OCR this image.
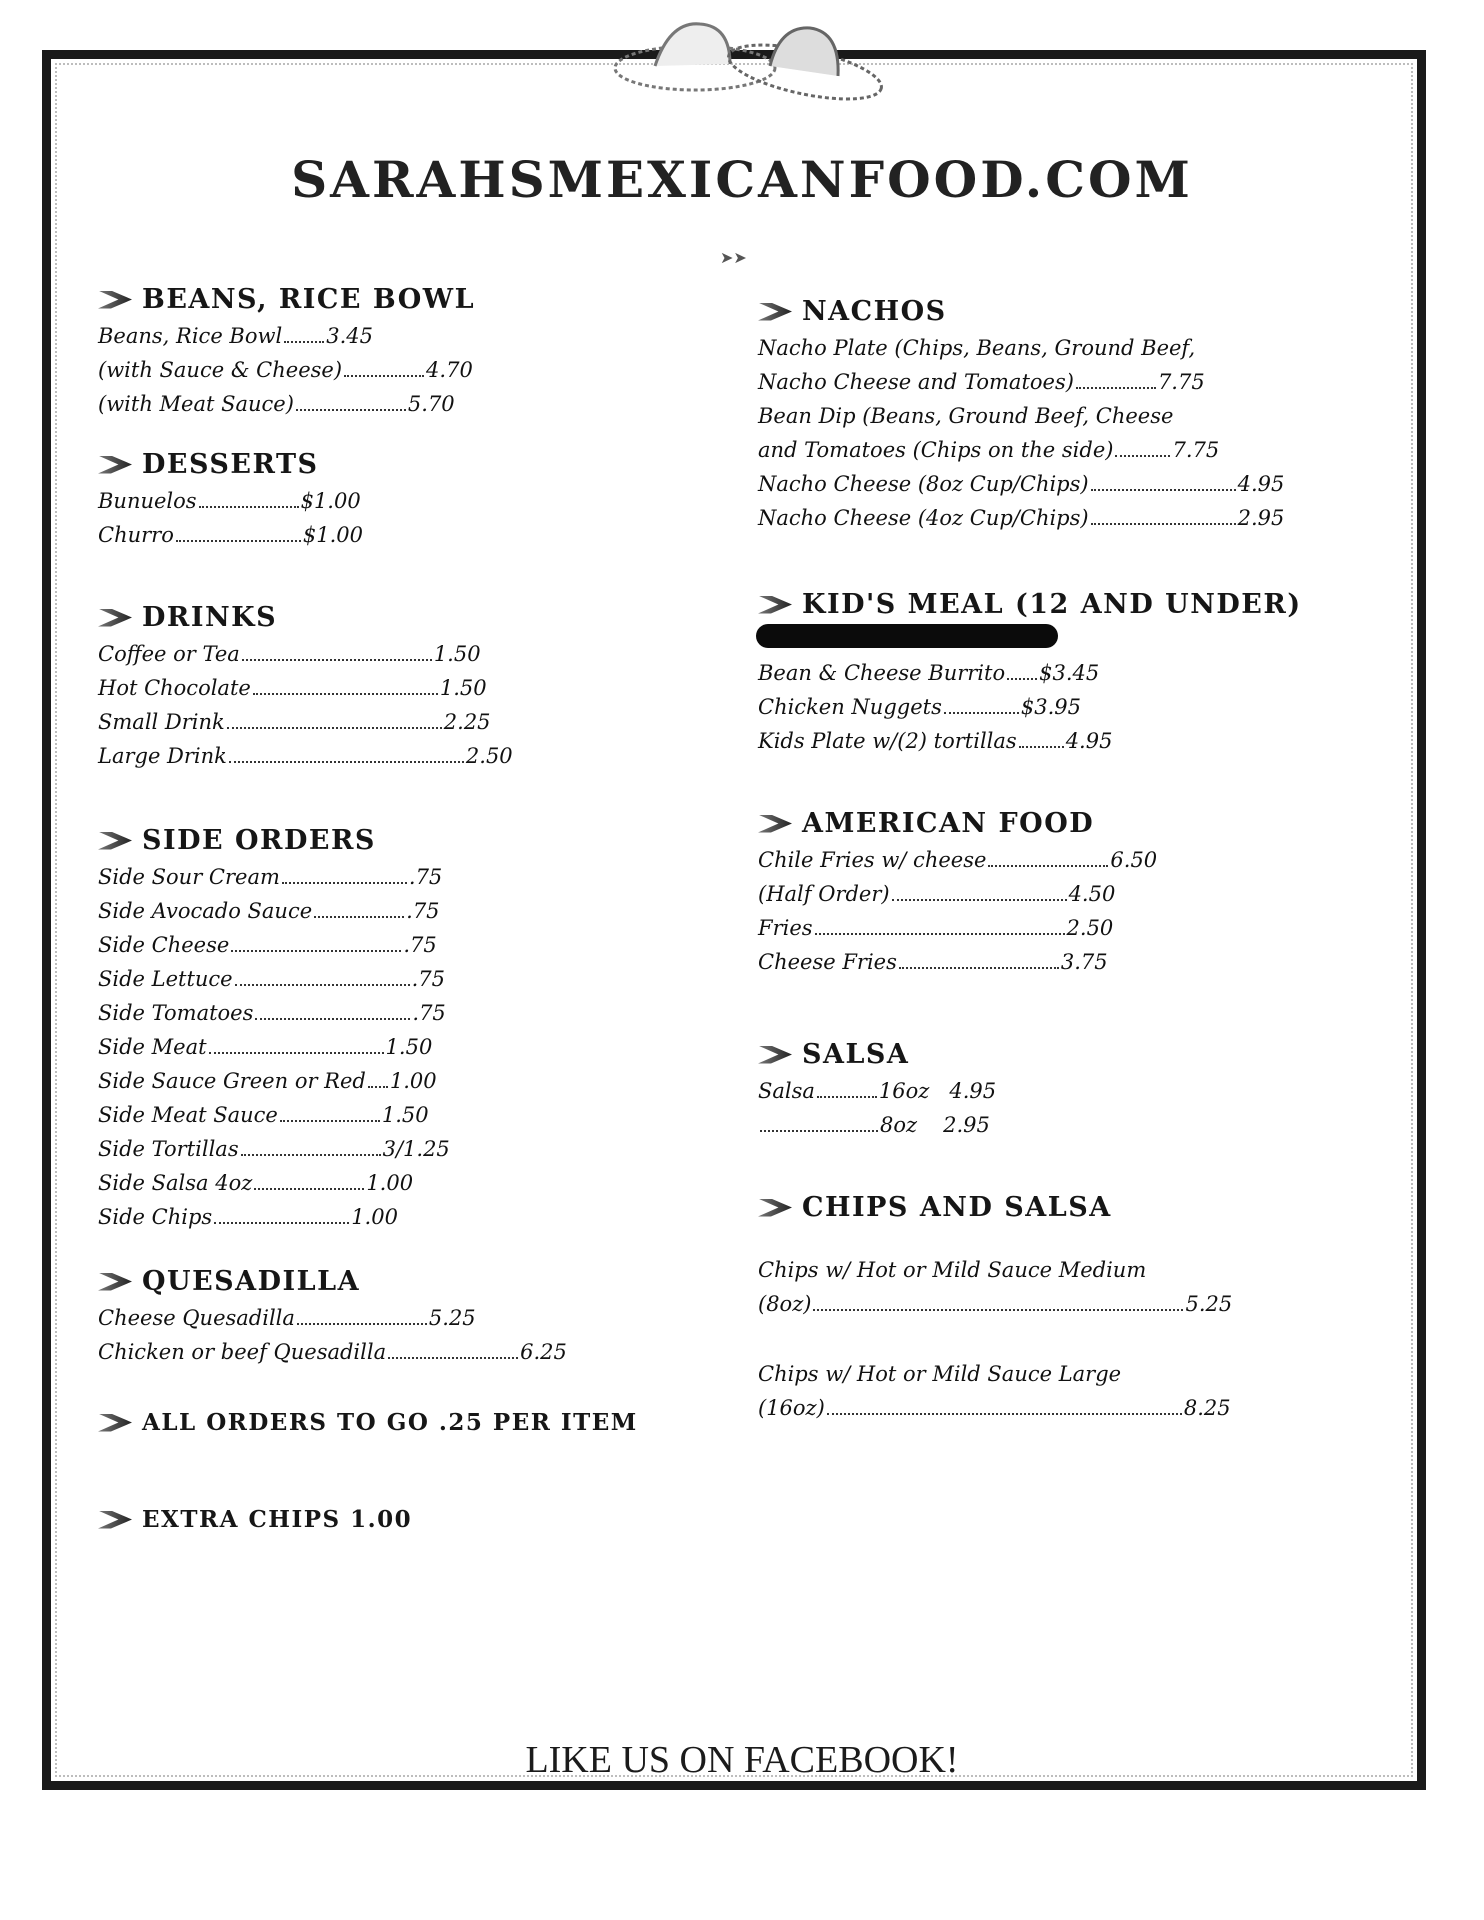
SARAHSMEXICANFOOD.COM
➤➤
BEANS, RICE BOWL
Beans, Rice Bowl 3.45
(with Sauce & Cheese)	4.70
(with Meat Sauce)	5.70
DESSERTS
Bunuelos	$1.00
Churro	$1.00
DRINKS
Coffee or Tea	1.50
Hot Chocolate	1.50
Small Drink	2.25
Large Drink	2.50
SIDE ORDERS
Side Sour Cream	.75
Side Avocado Sauce	.75
Side Cheese	.75
Side Lettuce	.75
Side Tomatoes	.75
Side Meat	1.50
Side Sauce Green or Red 1.00
Side Meat Sauce	1.50
Side Tortillas	3/1.25
Side Salsa 4oz	1.00
Side Chips	1.00
QUESADILLA
Cheese Quesadilla	5.25
Chicken or beef Quesadilla	6.25
ALL ORDERS TO GO .25 PER ITEM
EXTRA CHIPS 1.00
NACHOS
Nacho Plate (Chips, Beans, Ground Beef,
Nacho Cheese and Tomatoes)	7.75
Bean Dip (Beans, Ground Beef, Cheese
and Tomatoes (Chips on the side)	7.75
Nacho Cheese (8oz Cup/Chips)	4.95
Nacho Cheese (4oz Cup/Chips)	2.95
KID'S MEAL (12 AND UNDER)
Bean & Cheese Burrito $3.45
Chicken Nuggets	$3.95
Kids Plate w/(2) tortillas 4.95
AMERICAN FOOD
Chile Fries w/ cheese	6.50
(Half Order)	4.50
Fries	2.50
Cheese Fries	3.75
SALSA
Salsa	16oz 4.95
8oz 2.95
CHIPS AND SALSA
Chips w/ Hot or Mild Sauce Medium
(8oz)	5.25
Chips w/ Hot or Mild Sauce Large
(16oz)	8.25
LIKE US ON FACEBOOK!
